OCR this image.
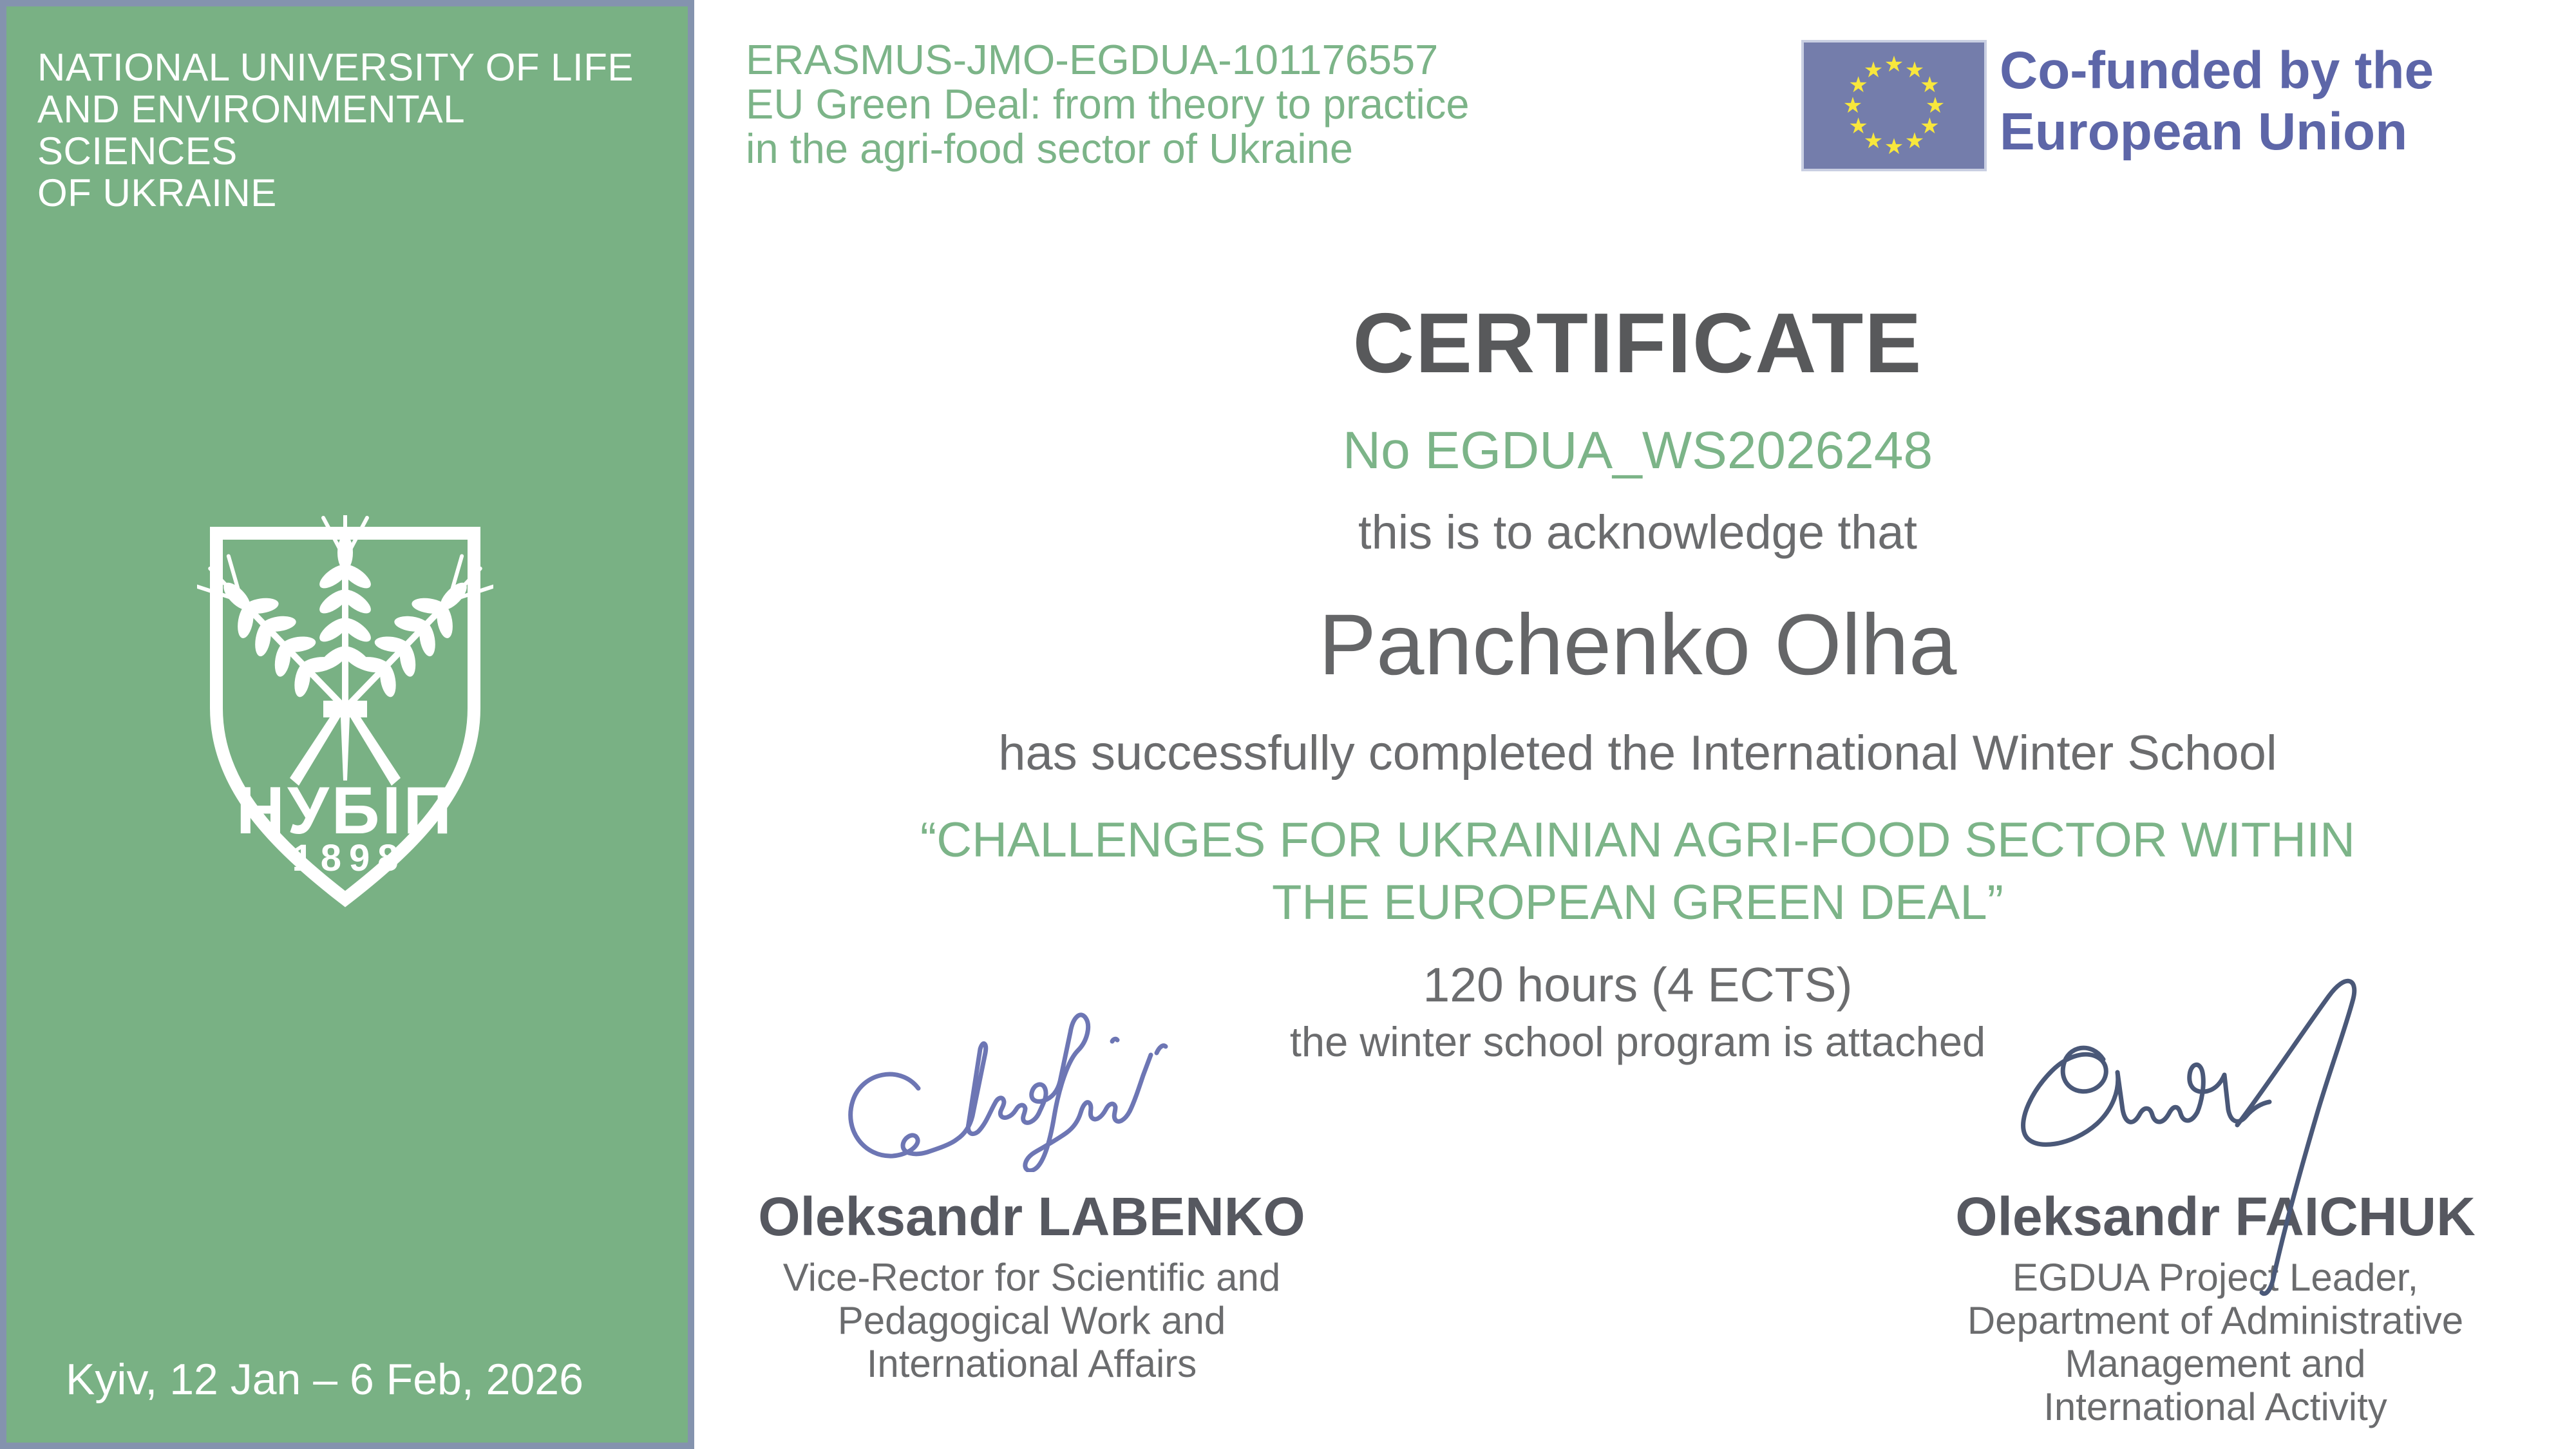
NATIONAL UNIVERSITY OF LIFE
AND ENVIRONMENTAL SCIENCES
OF UKRAINE
НУБІП
1898
Kyiv, 12 Jan – 6 Feb, 2026
ERASMUS-JMO-EGDUA-101176557
EU Green Deal: from theory to practice
in the agri-food sector of Ukraine
★ ★
★
★
★
★
★
★
★
★
★
★ Co-funded by the
European Union
CERTIFICATE
No EGDUA_WS2026248
this is to acknowledge that
Panchenko Olha
has successfully completed the International Winter School
“CHALLENGES FOR UKRAINIAN AGRI-FOOD SECTOR WITHIN
THE EUROPEAN GREEN DEAL”
120 hours (4 ECTS)
the winter school program is attached
Oleksandr LABENKO
Vice-Rector for Scientific and
Pedagogical Work and
International Affairs
Oleksandr FAICHUK
EGDUA Project Leader,
Department of Administrative
Management and
International Activity
